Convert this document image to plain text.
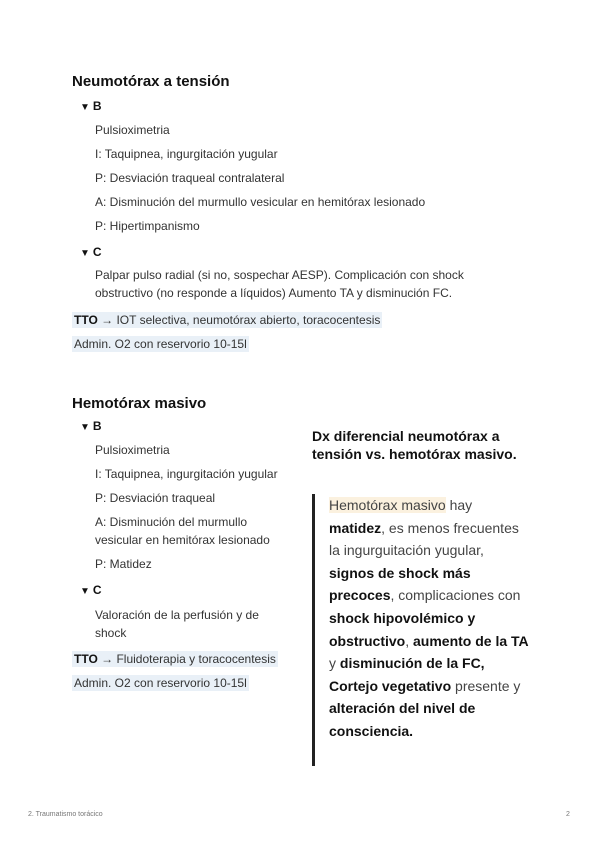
Neumotórax a tensión
▼ B
Pulsioximetria
I: Taquipnea, ingurgitación yugular
P: Desviación traqueal contralateral
A: Disminución del murmullo vesicular en hemitórax lesionado
P: Hipertimpanismo
▼ C
Palpar pulso radial (si no, sospechar AESP). Complicación con shock
obstructivo (no responde a líquidos) Aumento TA y disminución FC.
TTO → IOT selectiva, neumotórax abierto, toracocentesis
Admin. O2 con reservorio 10-15l
Hemotórax masivo
▼ B
Pulsioximetria
I: Taquipnea, ingurgitación yugular
P: Desviación traqueal
A: Disminución del murmullo
vesicular en hemitórax lesionado
P: Matidez
▼ C
Valoración de la perfusión y de
shock
TTO → Fluidoterapia y toracocentesis
Admin. O2 con reservorio 10-15l
Dx diferencial neumotórax a tensión vs. hemotórax masivo.
Hemotórax masivo hay matidez, es menos frecuentes la ingurguitación yugular, signos de shock más precoces, complicaciones con shock hipovolémico y obstructivo, aumento de la TA y disminución de la FC, Cortejo vegetativo presente y alteración del nivel de consciencia.
2. Traumatismo torácico	2
